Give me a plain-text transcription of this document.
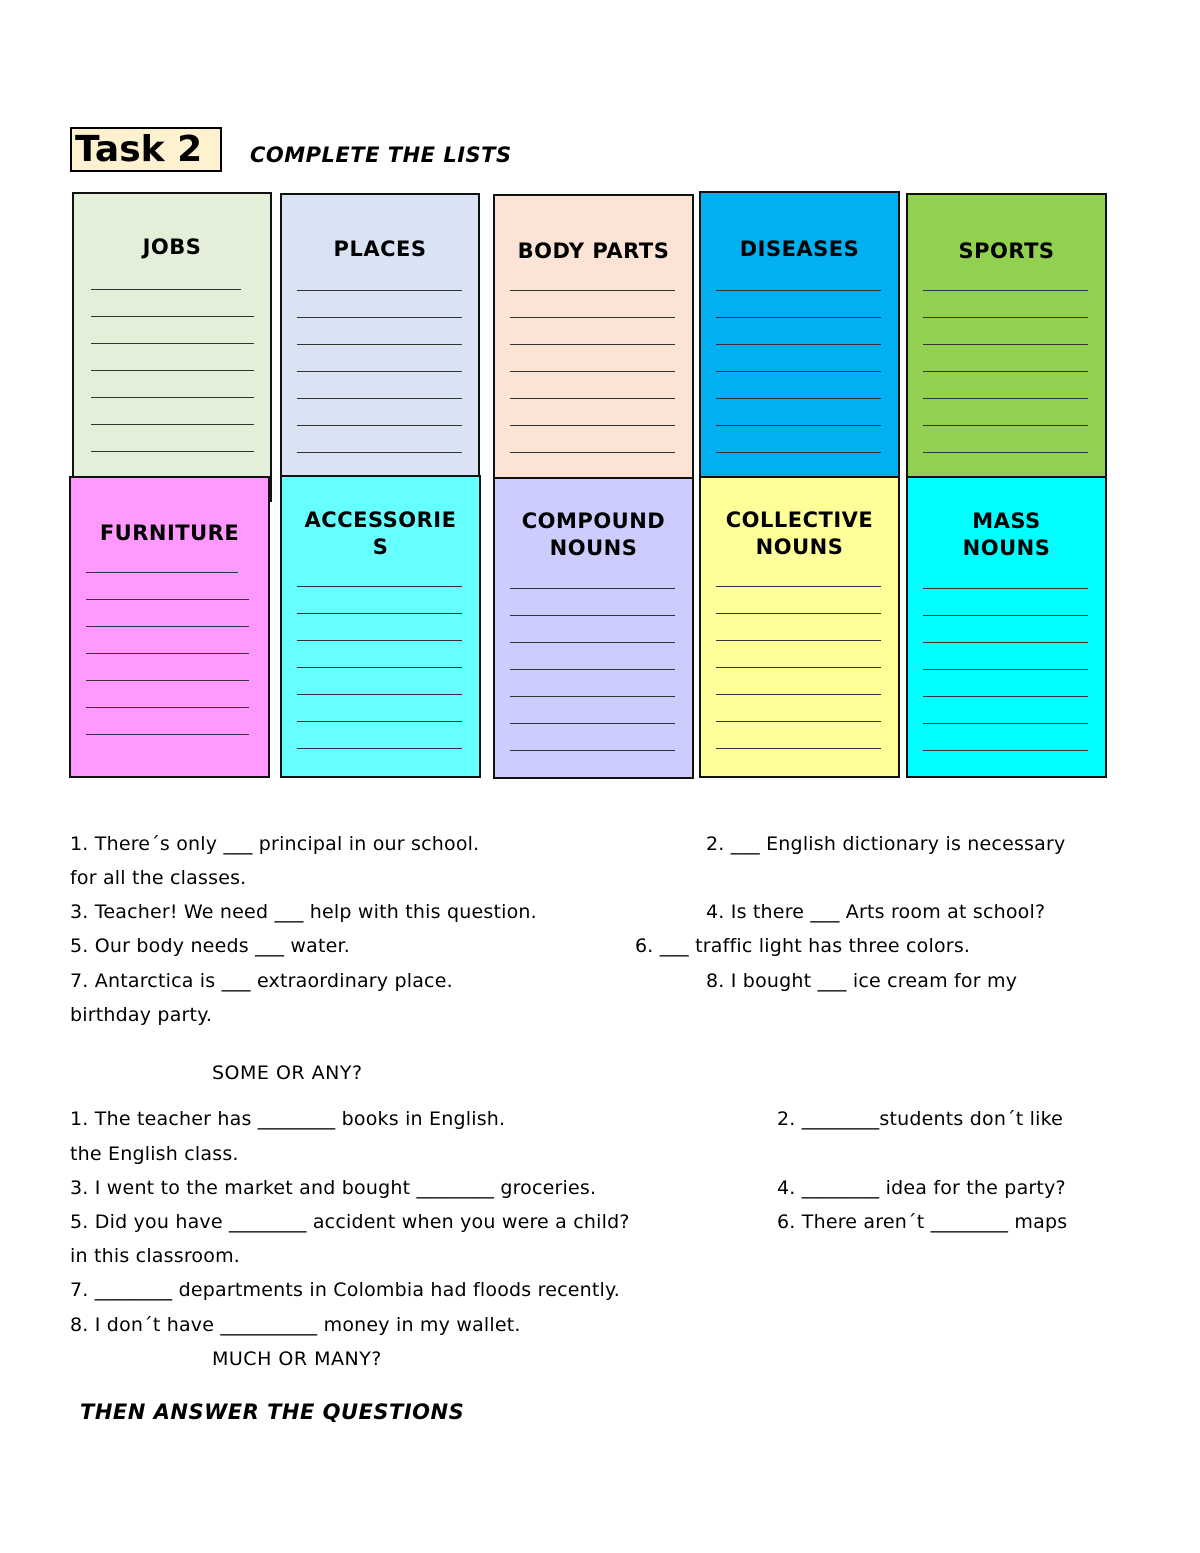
Task 2	COMPLETE THE LISTS
JOBS	PLACES	BODY PARTS	DISEASES	SPORTS
FURNITURE
ACCESSORIE
S
COMPOUND
NOUNS
COLLECTIVE
NOUNS
MASS
NOUNS
1. There´s only ___ principal in our school.	2. ___ English dictionary is necessary
for all the classes.
3. Teacher! We need ___ help with this question.	4. Is there ___ Arts room at school?
5. Our body needs ___ water.	6. ___ traffic light has three colors.
7. Antarctica is ___ extraordinary place.	8. I bought ___ ice cream for my
birthday party.
SOME OR ANY?
1. The teacher has ________ books in English.	2. ________students don´t like
the English class.
3. I went to the market and bought ________ groceries.	4. ________ idea for the party?
5. Did you have ________ accident when you were a child?	6. There aren´t ________ maps
in this classroom.
7. ________ departments in Colombia had floods recently.
8. I don´t have __________ money in my wallet.
MUCH OR MANY?
THEN ANSWER THE QUESTIONS
